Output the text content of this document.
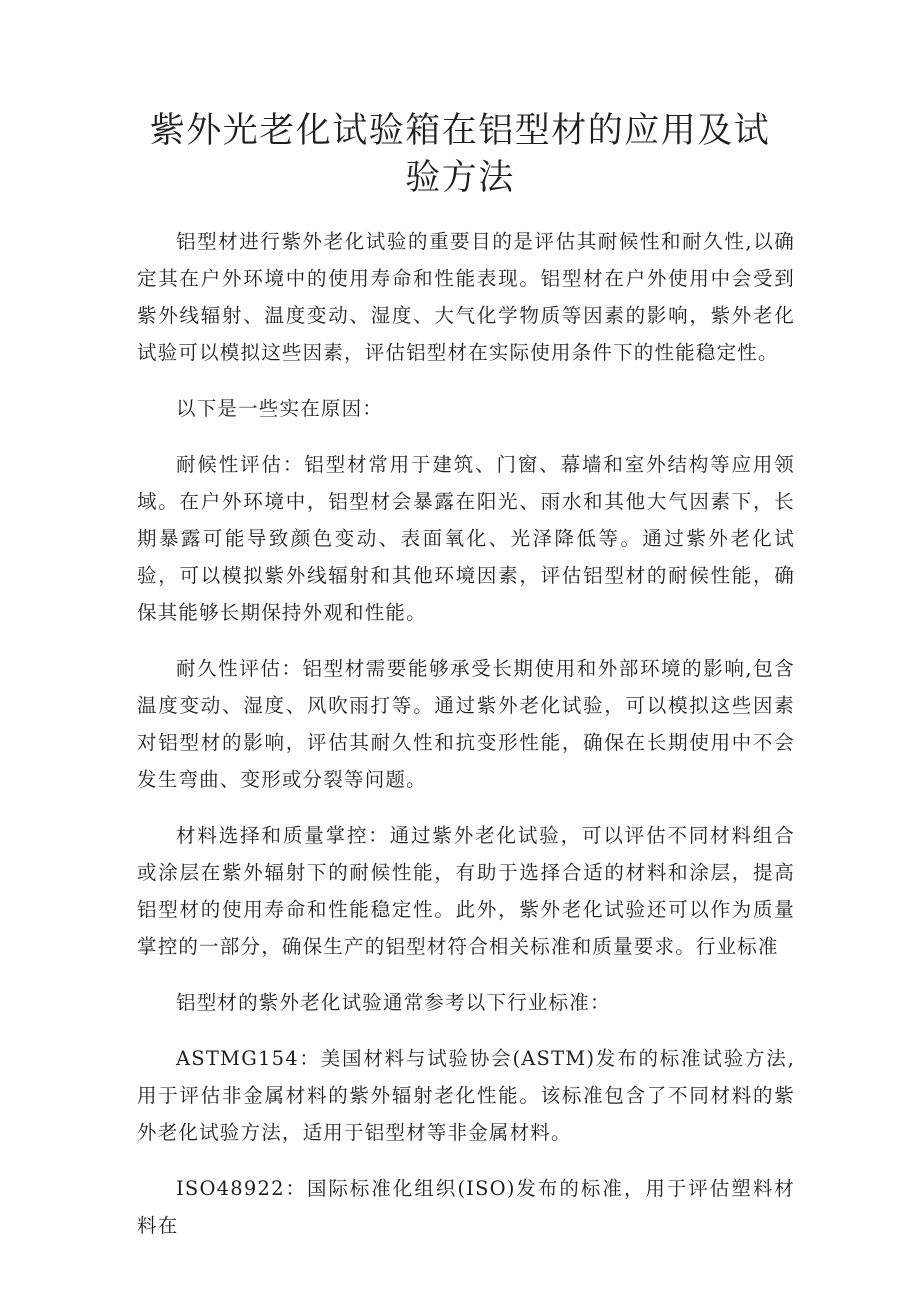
紫外光老化试验箱在铝型材的应用及试验方法

铝型材进行紫外老化试验的重要目的是评估其耐候性和耐久性,以确定其在户外环境中的使用寿命和性能表现。铝型材在户外使用中会受到紫外线辐射、温度变动、湿度、大气化学物质等因素的影响，紫外老化试验可以模拟这些因素，评估铝型材在实际使用条件下的性能稳定性。

以下是一些实在原因：

耐候性评估：铝型材常用于建筑、门窗、幕墙和室外结构等应用领域。在户外环境中，铝型材会暴露在阳光、雨水和其他大气因素下，长期暴露可能导致颜色变动、表面氧化、光泽降低等。通过紫外老化试验，可以模拟紫外线辐射和其他环境因素，评估铝型材的耐候性能，确保其能够长期保持外观和性能。

耐久性评估：铝型材需要能够承受长期使用和外部环境的影响,包含温度变动、湿度、风吹雨打等。通过紫外老化试验，可以模拟这些因素对铝型材的影响，评估其耐久性和抗变形性能，确保在长期使用中不会发生弯曲、变形或分裂等问题。

材料选择和质量掌控：通过紫外老化试验，可以评估不同材料组合或涂层在紫外辐射下的耐候性能，有助于选择合适的材料和涂层，提高铝型材的使用寿命和性能稳定性。此外，紫外老化试验还可以作为质量掌控的一部分，确保生产的铝型材符合相关标准和质量要求。行业标准

铝型材的紫外老化试验通常参考以下行业标准：

ASTMG154：美国材料与试验协会(ASTM)发布的标准试验方法,用于评估非金属材料的紫外辐射老化性能。该标准包含了不同材料的紫外老化试验方法，适用于铝型材等非金属材料。

ISO48922：国际标准化组织(ISO)发布的标准，用于评估塑料材料在
